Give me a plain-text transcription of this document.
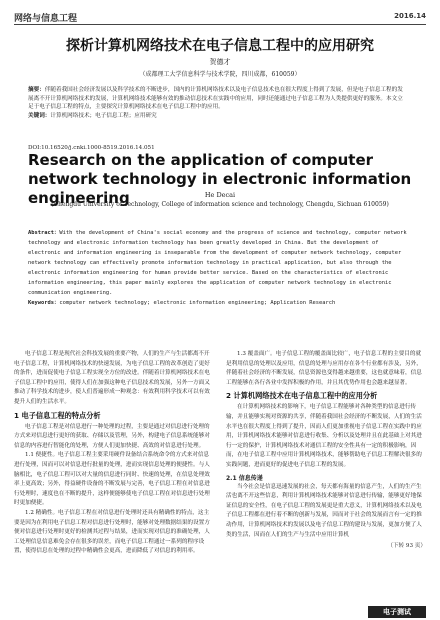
网络与信息工程	2016.14
探析计算机网络技术在电子信息工程中的应用研究
贺德才
（成都理工大学信息科学与技术学院，四川成都，610059）

摘要：伴随着我国社会经济发展以及科学技术的不断进步，国内的计算机网络技术以及电子信息技术也在很大程度上得到了发展，但是电子信息工程的发展离不开计算机网络技术的发展，计算机网络技术能够有效的推动信息技术在实践中的应用，同时还能通过电子信息工程为人类提供更好的服务。本文立足于电子信息工程的特点，主要探究计算机网络技术在电子信息工程中的应用。

关键词：计算机网络技术；电子信息工程；应用研究

DOI:10.16520/j.cnki.1000-8519.2016.14.051
Research on the application of computer network technology in electronic information engineering	He Decai
(Chengdu University of Technology, College of information science and technology, Chengdu, Sichuan 610059)

Abstract：With the development of China's social economy and the progress of science and technology, computer network technology and electronic information technology has been greatly developed in China. But the development of electronic and information engineering is inseparable from the development of computer network technology, computer network technology can effectively promote information technology in practical application, but also through the electronic information engineering for human provide better service. Based on the characteristics of electronic information engineering, this paper mainly explores the application of computer network technology in electronic communication engineering.

Keywords：computer network technology; electronic information engineering; Application Research

电子信息工程是现代社会科技发展的重要产物，人们的生产与生活都离不开电子信息工程，计算机网络技术的快速发展，为电子信息工程的改革创造了更好的条件，进而促使电子信息工程实现全方位的改进。伴随着计算机网络技术在电子信息工程中的应用，使得人们在加强这种电子信息技术的发展，另外一方面又推动了科学技术的进步，使人们普遍形成一种观念：有效利用科学技术可以有效提升人们的生活水平。

1 电子信息工程的特点分析

电子信息工程是对信息进行一种处理的过程，主要是通过对信息进行处理的方式来对信息进行更好的获取、存储以及管理，另外，构建电子信息系统能够对信息的内容进行智能化的处理，方便人们更加快捷、高效的对信息进行处理。

1.1 便捷性。电子信息工程主要采用硬件设备结合系统命令的方式来对信息进行处理，因而可以对信息进行批量的处理，进而实现信息处理的便捷性。与人脑相比，电子信息工程可以对大量的信息进行同时、快速的处理，在信息处理效率上更高效；另外，得益硬件设备的不断发展与完善，电子信息工程在对信息进行处理时，速度也在不断的提升，这样便能够使电子信息工程在对信息进行处理时更加便捷。

1.2 精确性。电子信息工程在对信息进行处理时还具有精确性的特点，这主要是因为在利用电子信息工程对信息进行处理时，能够对处理数据结果的设置方便对信息进行处理时更好的检测其过程与结果，进而实现对信息的准确处理，人工处理信息信息难免会存在很多的误差，而电子信息工程通过一系列的程序设置，使得信息在处理的过程中精确性会更高，进而降低了对信息的利用率。

1.3 覆盖面广。电子信息工程的覆盖面比较广，电子信息工程的主要目的就是利用信息的处理以及应用，信息的处理与应用存在各个行业都有涉及，另外，伴随着社会经济的不断发展，信息资源也变得越来越重要，这也就意味着，信息工程能够在各行各业中发挥积极的作用，并且其优势作用也会越来越显著。

2 计算机网络技术在电子信息工程中的应用分析

在计算机网络技术的影响下，电子信息工程能够对各种类型的信息进行传输，并且能够实现对资源的共享，伴随着我国社会经济的不断发展，人们的生活水平也在很大程度上得到了提升，因而人们更加重视电子信息工程在实践中的应用，计算机网络技术能够对信息进行收集、分析以及处理并且在此基础上对其进行一定的保护，计算机网络技术对通信工程的安全性具有一定的积极影响，因而，在电子信息工程中应用计算机网络技术，能够帮助电子信息工程解决很多的实践问题，进而更好的促进电子信息工程的发展。

2.1 信息传递

当今社会是信息迅速发展的社会，每天都有海量的信息产生，人们的生产生活也离不开这些信息，利用计算机网络技术能够对信息进行传输，能够更好地保证信息的安全性，在电子信息工程的发展更是重大意义，计算机网络技术以及电子信息工程都在进行着不断的创新与发展，因而对于社会的发展而言有一定的推动作用，计算机网络技术的发展以及电子信息工程的建设与发展，更加方便了人类的生活，因而在人们的生产与生活中应用计算机

（下转 93 页）

电子测试
